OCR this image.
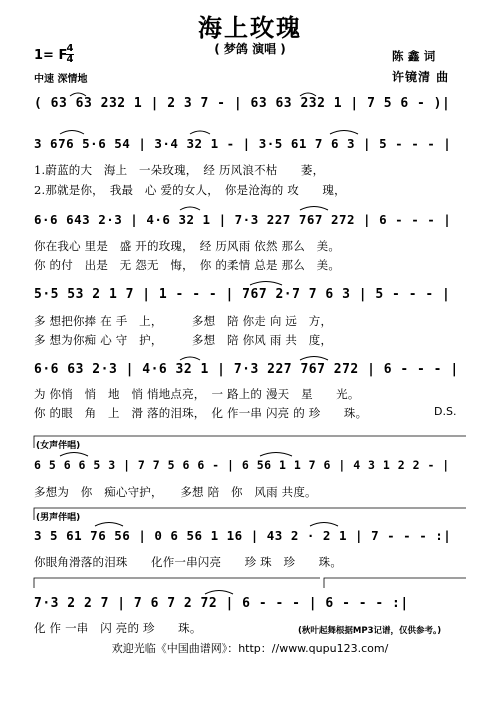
海上玫瑰
( 梦鸽 演唱 )
1= F 4
4
中速 深情地
陈 鑫 词
许镜清 曲
( 63 63 232 1 | 2 3 7 - | 63 63 232 1 | 7 5 6 - )|
3 676 5·6 54 | 3·4 32 1 - | 3·5 61 7 6 3 | 5 - - - |
1.蔚蓝的大　海上　一朵玫瑰，　经 历风浪不枯　　萎，
2.那就是你，　我最　心 爱的女人，　你是沧海的 攻　　瑰，
6·6 643 2·3 | 4·6 32 1 | 7·3 227 767 272 | 6 - - - |
你在我心 里是　盛 开的玫瑰，　经 历风雨 依然 那么　美。
你 的付　出是　无 怨无　悔，　你 的柔情 总是 那么　美。
5·5 53 2 1 7 | 1 - - - | 767 2·7 7 6 3 | 5 - - - |
多 想把你捧 在 手　上，　　　多想　陪 你走 向 远　方，
多 想为你痴 心 守　护，　　　多想　陪 你风 雨 共　度，
6·6 63 2·3 | 4·6 32 1 | 7·3 227 767 272 | 6 - - - |
为 你悄　悄　地　悄 悄地点亮，　一 路上的 漫天　星　　光。
你 的眼　角　上　滑 落的泪珠，　化 作一串 闪亮 的 珍　　珠。	D.S.
(女声伴唱)
6 5 6 6 5 3 | 7 7 5 6 6 - | 6 56 1 1 7 6 | 4 3 1 2 2 - |
多想为　你　痴心守护，　　多想 陪　你　风雨 共度。
(男声伴唱)
3 5 61 76 56 | 0 6 56 1 16 | 43 2 · 2 1 | 7 - - - :|
你眼角滑落的泪珠　　化作一串闪亮　　珍 珠　珍　　珠。
7·3 2 2 7 | 7 6 7 2 72 | 6 - - - | 6 - - - :|
化 作 一串　闪 亮的 珍　　珠。	(秋叶起舞根据MP3记谱，仅供参考。)
欢迎光临《中国曲谱网》：http：//www.qupu123.com/
